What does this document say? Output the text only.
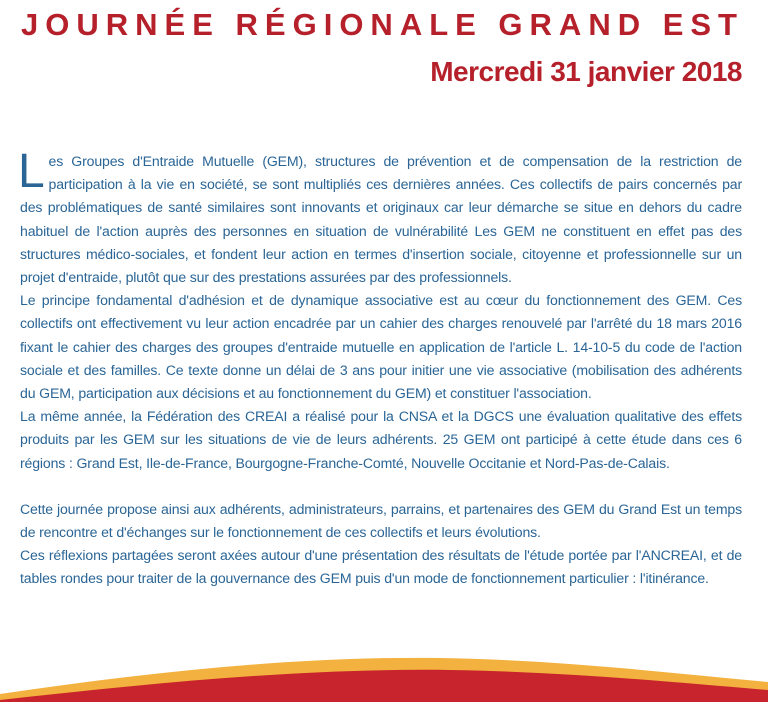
JOURNÉE RÉGIONALE GRAND EST
Mercredi 31 janvier 2018

Les Groupes d'Entraide Mutuelle (GEM), structures de prévention et de compensation de la restriction de participation à la vie en société, se sont multipliés ces dernières années. Ces collectifs de pairs concernés par des problématiques de santé similaires sont innovants et originaux car leur démarche se situe en dehors du cadre habituel de l'action auprès des personnes en situation de vulnérabilité Les GEM ne constituent en effet pas des structures médico-sociales, et fondent leur action en termes d'insertion sociale, citoyenne et professionnelle sur un projet d'entraide, plutôt que sur des prestations assurées par des professionnels.

Le principe fondamental d'adhésion et de dynamique associative est au cœur du fonctionnement des GEM. Ces collectifs ont effectivement vu leur action encadrée par un cahier des charges renouvelé par l'arrêté du 18 mars 2016 fixant le cahier des charges des groupes d'entraide mutuelle en application de l'article L. 14-10-5 du code de l'action sociale et des familles. Ce texte donne un délai de 3 ans pour initier une vie associative (mobilisation des adhérents du GEM, participation aux décisions et au fonctionnement du GEM) et constituer l'association.

La même année, la Fédération des CREAI a réalisé pour la CNSA et la DGCS une évaluation qualitative des effets produits par les GEM sur les situations de vie de leurs adhérents. 25 GEM ont participé à cette étude dans ces 6 régions : Grand Est, Ile-de-France, Bourgogne-Franche-Comté, Nouvelle Occitanie et Nord-Pas-de-Calais.

Cette journée propose ainsi aux adhérents, administrateurs, parrains, et partenaires des GEM du Grand Est un temps de rencontre et d'échanges sur le fonctionnement de ces collectifs et leurs évolutions.

Ces réflexions partagées seront axées autour d'une présentation des résultats de l'étude portée par l'ANCREAI, et de tables rondes pour traiter de la gouvernance des GEM puis d'un mode de fonctionnement particulier : l'itinérance.
